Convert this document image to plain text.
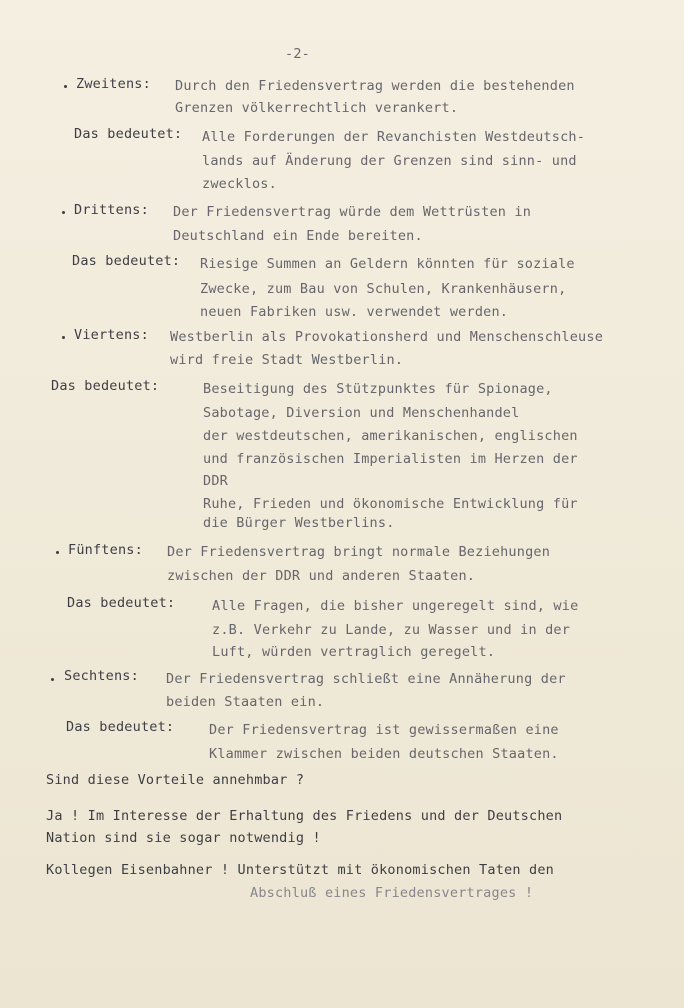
-2-

Zweitens: Durch den Friedensvertrag werden die bestehenden

Grenzen völkerrechtlich verankert.

Das bedeutet: Alle Forderungen der Revanchisten Westdeutsch-

lands auf Änderung der Grenzen sind sinn- und

zwecklos.

Drittens: Der Friedensvertrag würde dem Wettrüsten in

Deutschland ein Ende bereiten.

Das bedeutet: Riesige Summen an Geldern könnten für soziale

Zwecke, zum Bau von Schulen, Krankenhäusern,

neuen Fabriken usw. verwendet werden.

Viertens: Westberlin als Provokationsherd und Menschenschleuse

wird freie Stadt Westberlin.

Das bedeutet:	Beseitigung des Stützpunktes für Spionage,

Sabotage, Diversion und Menschenhandel

der westdeutschen, amerikanischen, englischen

und französischen Imperialisten im Herzen der

DDR

Ruhe, Frieden und ökonomische Entwicklung für

die Bürger Westberlins.

Fünftens: Der Friedensvertrag bringt normale Beziehungen

zwischen der DDR und anderen Staaten.

Das bedeutet:	Alle Fragen, die bisher ungeregelt sind, wie

z.B. Verkehr zu Lande, zu Wasser und in der

Luft, würden vertraglich geregelt.

Sechtens: Der Friedensvertrag schließt eine Annäherung der

beiden Staaten ein.

Das bedeutet:	Der Friedensvertrag ist gewissermaßen eine

Klammer zwischen beiden deutschen Staaten.

Sind diese Vorteile annehmbar ?

Ja ! Im Interesse der Erhaltung des Friedens und der Deutschen

Nation sind sie sogar notwendig !

Kollegen Eisenbahner ! Unterstützt mit ökonomischen Taten den

Abschluß eines Friedensvertrages !
